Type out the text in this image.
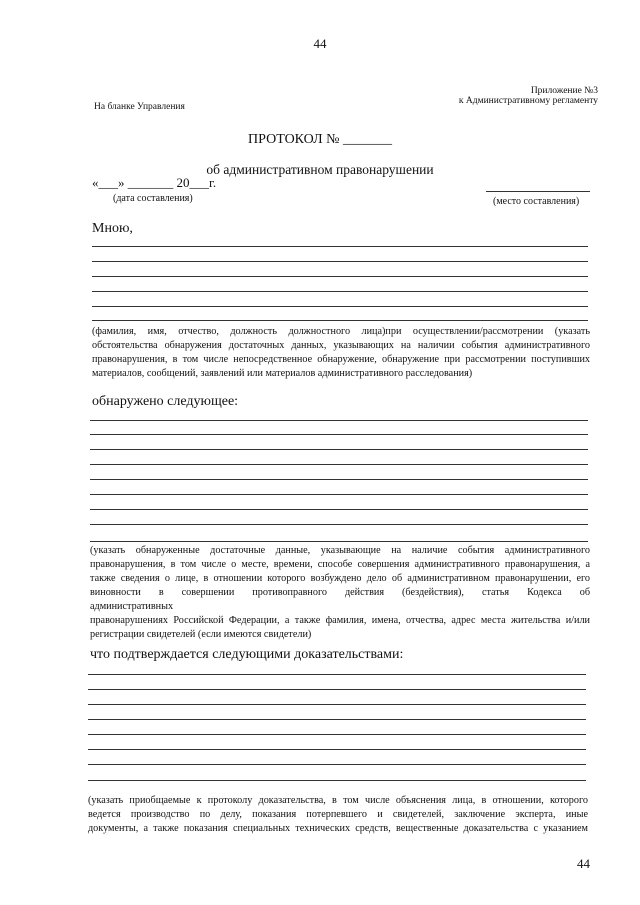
44
Приложение №3
к Административному регламенту
На бланке Управления
ПРОТОКОЛ № _______
об административном правонарушении
«___» _______ 20___г.
(дата составления)	(место составления)
Мною,
(фамилия, имя, отчество, должность должностного лица)при осуществлении/рассмотрении (указать
обстоятельства обнаружения достаточных данных, указывающих на наличии события административного
правонарушения, в том числе непосредственное обнаружение, обнаружение при рассмотрении поступивших
материалов, сообщений, заявлений или материалов административного расследования)
обнаружено следующее:
(указать обнаруженные достаточные данные, указывающие на наличие события административного
правонарушения, в том числе о месте, времени, способе совершения административного правонарушения, а
также сведения о лице, в отношении которого возбуждено дело об административном правонарушении, его
виновности в совершении противоправного действия (бездействия), статья Кодекса об
административных
правонарушениях Российской Федерации, а также фамилия, имена, отчества, адрес места жительства и/или
регистрации свидетелей (если имеются свидетели)
что подтверждается следующими доказательствами:
(указать приобщаемые к протоколу доказательства, в том числе объяснения лица, в отношении, которого
ведется производство по делу, показания потерпевшего и свидетелей, заключение эксперта, иные
документы, а также показания специальных технических средств, вещественные доказательства с указанием
44
